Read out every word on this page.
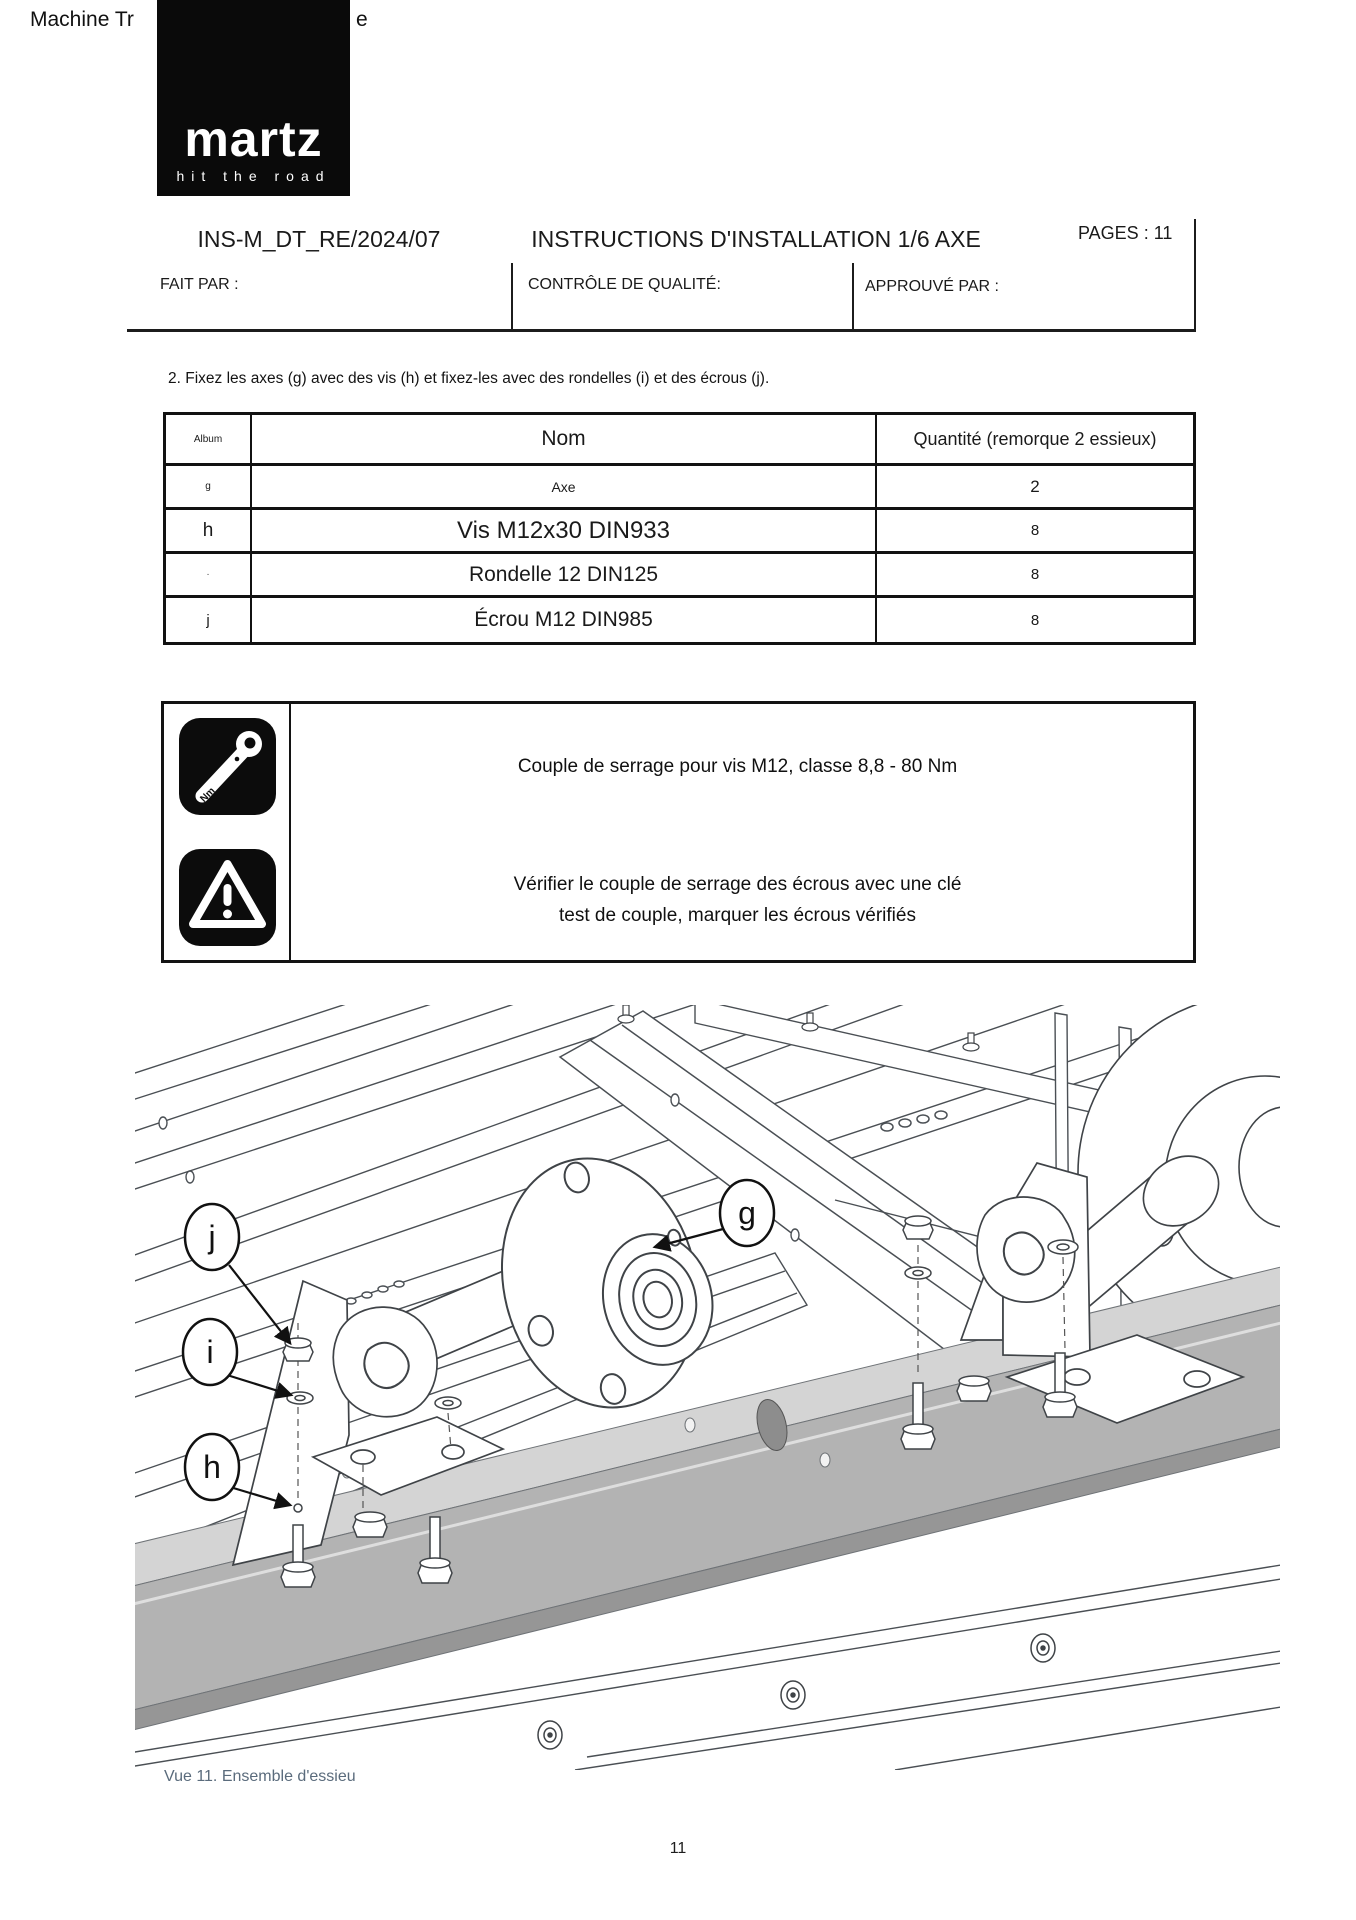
Machine Tr	e
martz
hit the road
INS-M_DT_RE/2024/07	INSTRUCTIONS D'INSTALLATION 1/6 AXE	PAGES : 11
FAIT PAR :	CONTRÔLE DE QUALITÉ:	APPROUVÉ PAR :
2. Fixez les axes (g) avec des vis (h) et fixez-les avec des rondelles (i) et des écrous (j).
Album	Nom	Quantité (remorque 2 essieux)
g	Axe	2
h	Vis M12x30 DIN933	8
·	Rondelle 12 DIN125	8
j	Écrou M12 DIN985	8
Nm
Couple de serrage pour vis M12, classe 8,8 - 80 Nm
Vérifier le couple de serrage des écrous avec une clé
test de couple, marquer les écrous vérifiés
g
j
i
h
Vue 11. Ensemble d'essieu
11
